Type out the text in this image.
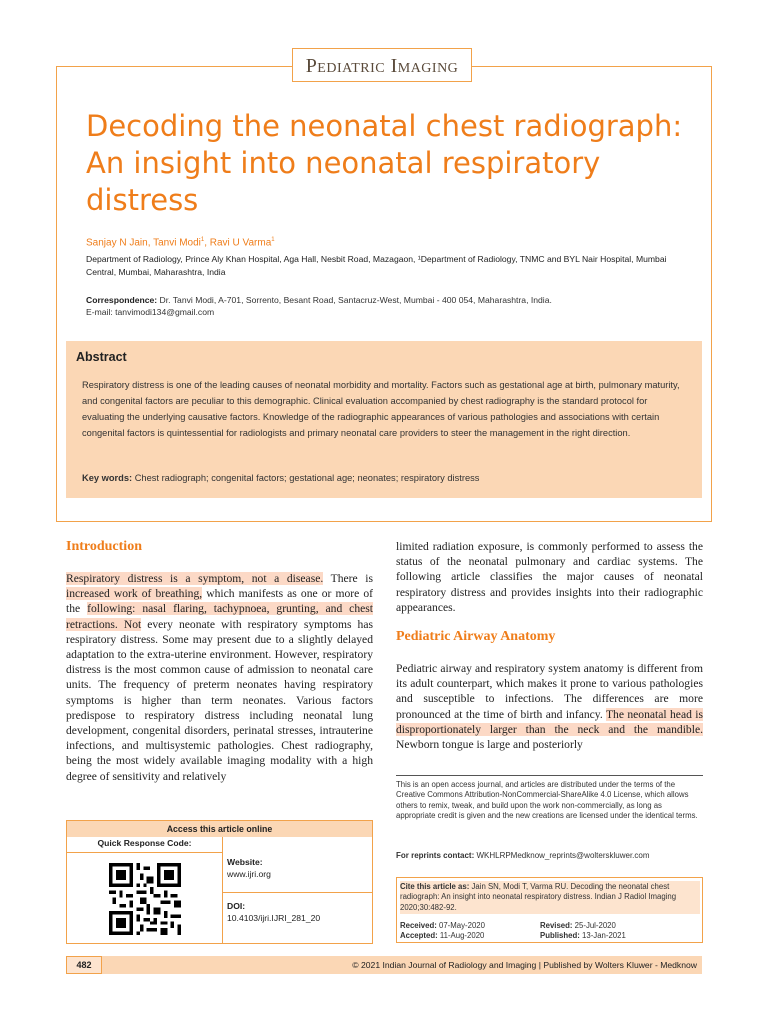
Pediatric Imaging
Decoding the neonatal chest radiograph: An insight into neonatal respiratory distress
Sanjay N Jain, Tanvi Modi$^1$, Ravi U Varma$^1$
Department of Radiology, Prince Aly Khan Hospital, Aga Hall, Nesbit Road, Mazagaon, ¹Department of Radiology, TNMC and BYL Nair Hospital, Mumbai Central, Mumbai, Maharashtra, India
Correspondence: Dr. Tanvi Modi, A-701, Sorrento, Besant Road, Santacruz-West, Mumbai - 400 054, Maharashtra, India.
E-mail: tanvimodi134@gmail.com
Abstract
Respiratory distress is one of the leading causes of neonatal morbidity and mortality. Factors such as gestational age at birth, pulmonary maturity, and congenital factors are peculiar to this demographic. Clinical evaluation accompanied by chest radiography is the standard protocol for evaluating the underlying causative factors. Knowledge of the radiographic appearances of various pathologies and associations with certain congenital factors is quintessential for radiologists and primary neonatal care providers to steer the management in the right direction.
Key words: Chest radiograph; congenital factors; gestational age; neonates; respiratory distress
Introduction
Respiratory distress is a symptom, not a disease. There is increased work of breathing, which manifests as one or more of the following: nasal flaring, tachypnoea, grunting, and chest retractions. Not every neonate with respiratory symptoms has respiratory distress. Some may present due to a slightly delayed adaptation to the extra-uterine environment. However, respiratory distress is the most common cause of admission to neonatal care units. The frequency of preterm neonates having respiratory symptoms is higher than term neonates. Various factors predispose to respiratory distress including neonatal lung development, congenital disorders, perinatal stresses, intrauterine infections, and multisystemic pathologies. Chest radiography, being the most widely available imaging modality with a high degree of sensitivity and relatively
limited radiation exposure, is commonly performed to assess the status of the neonatal pulmonary and cardiac systems. The following article classifies the major causes of neonatal respiratory distress and provides insights into their radiographic appearances.
Pediatric Airway Anatomy
Pediatric airway and respiratory system anatomy is different from its adult counterpart, which makes it prone to various pathologies and susceptible to infections. The differences are more pronounced at the time of birth and infancy. The neonatal head is disproportionately larger than the neck and the mandible. Newborn tongue is large and posteriorly
This is an open access journal, and articles are distributed under the terms of the Creative Commons Attribution-NonCommercial-ShareAlike 4.0 License, which allows others to remix, tweak, and build upon the work non-commercially, as long as appropriate credit is given and the new creations are licensed under the identical terms.
For reprints contact: WKHLRPMedknow_reprints@wolterskluwer.com
Cite this article as: Jain SN, Modi T, Varma RU. Decoding the neonatal chest radiograph: An insight into neonatal respiratory distress. Indian J Radiol Imaging 2020;30:482-92.
Received: 07-May-2020	Revised: 25-Jul-2020
Accepted: 11-Aug-2020	Published: 13-Jan-2021
Access this article online
Quick Response Code:
Website:
www.ijri.org
DOI:
10.4103/ijri.IJRI_281_20
482	© 2021 Indian Journal of Radiology and Imaging | Published by Wolters Kluwer - Medknow
